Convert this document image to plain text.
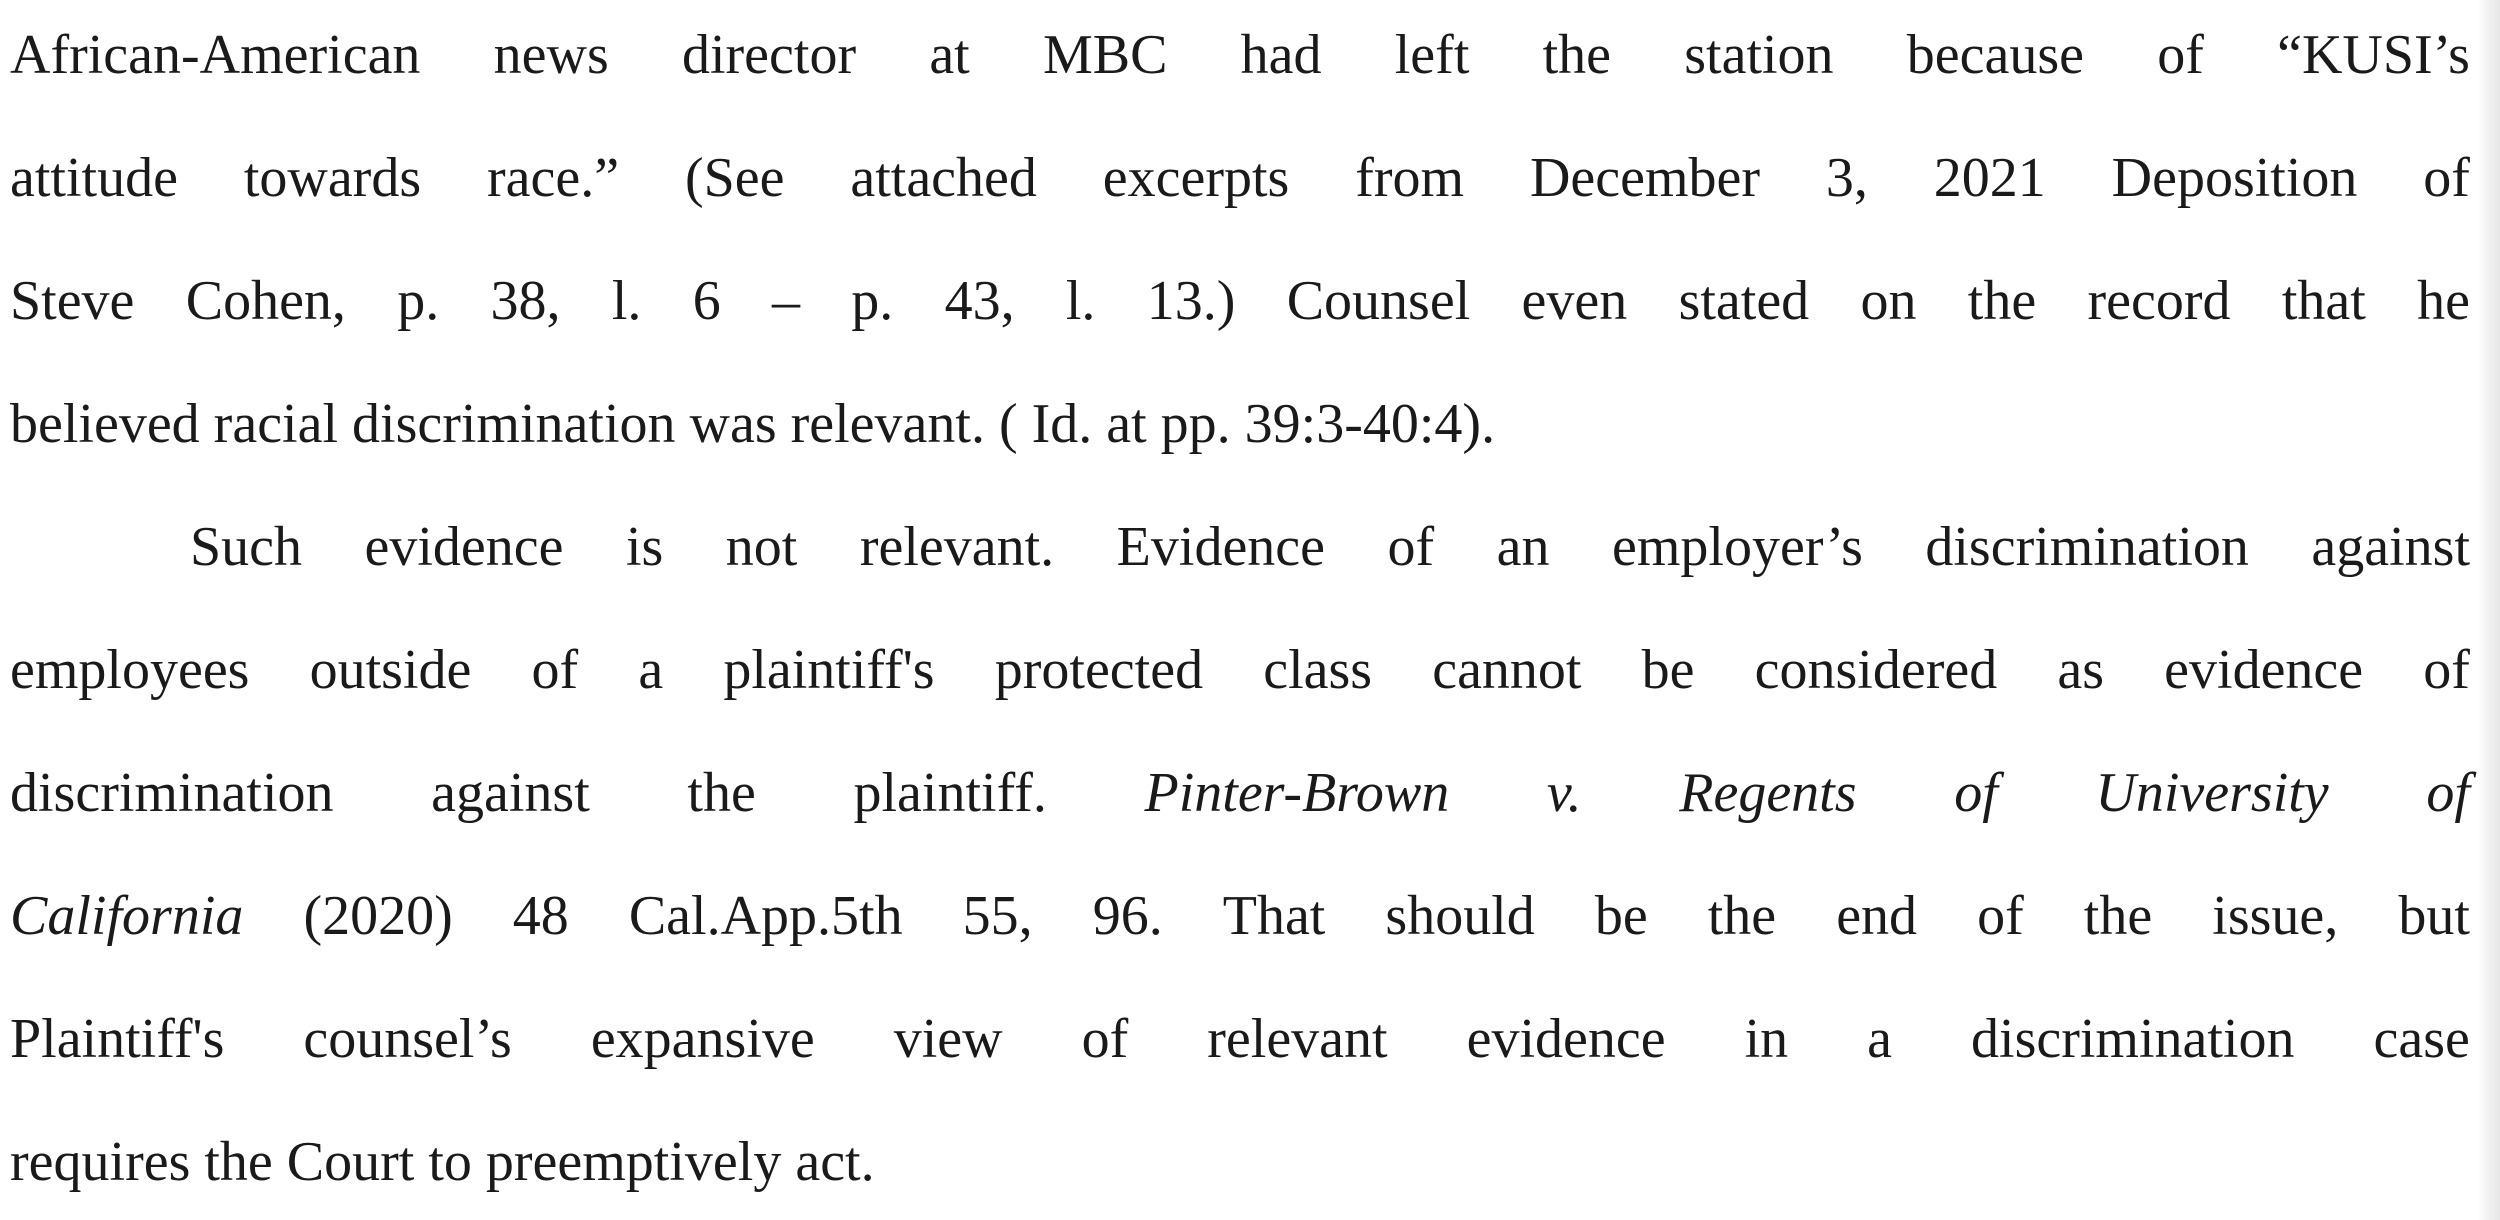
African-American news director at MBC had left the station because of “KUSI’s
attitude towards race.” (See attached excerpts from December 3, 2021 Deposition of
Steve Cohen, p. 38, l. 6 – p. 43, l. 13.) Counsel even stated on the record that he
believed racial discrimination was relevant. ( Id. at pp. 39:3-40:4).
Such evidence is not relevant. Evidence of an employer’s discrimination against
employees outside of a plaintiff's protected class cannot be considered as evidence of
discrimination against the plaintiff. Pinter-Brown v. Regents of University of
California (2020) 48 Cal.App.5th 55, 96. That should be the end of the issue, but
Plaintiff's counsel’s expansive view of relevant evidence in a discrimination case
requires the Court to preemptively act.
